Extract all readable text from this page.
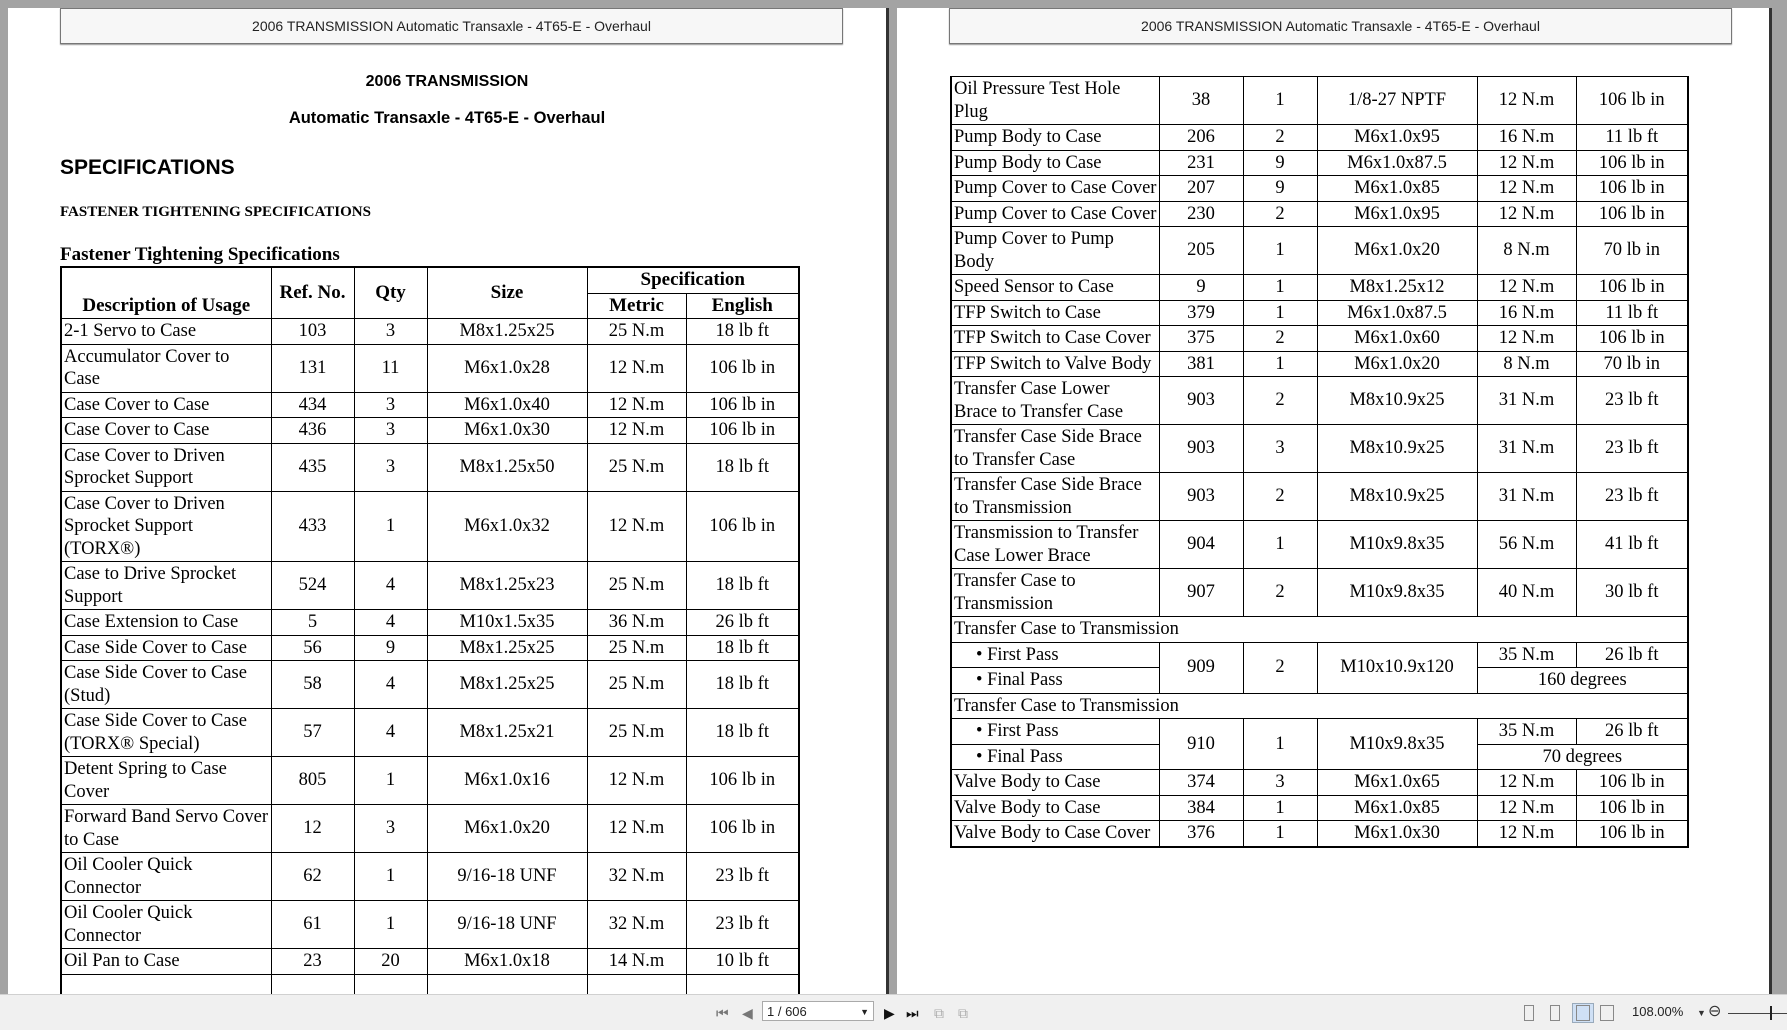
2006 TRANSMISSION Automatic Transaxle - 4T65-E - Overhaul
2006 TRANSMISSION
Automatic Transaxle - 4T65-E - Overhaul
SPECIFICATIONS
FASTENER TIGHTENING SPECIFICATIONS
Fastener Tightening Specifications
Description of Usage	Ref. No.	Qty	Size	Specification	
				Metric	English
2-1 Servo to Case	103	3	M8x1.25x25	25 N.m	18 lb ft
Accumulator Cover to Case	131	11	M6x1.0x28	12 N.m	106 lb in
Case Cover to Case	434	3	M6x1.0x40	12 N.m	106 lb in
Case Cover to Case	436	3	M6x1.0x30	12 N.m	106 lb in
Case Cover to Driven Sprocket Support	435	3	M8x1.25x50	25 N.m	18 lb ft
Case Cover to Driven Sprocket Support (TORX®)	433	1	M6x1.0x32	12 N.m	106 lb in
Case to Drive Sprocket Support	524	4	M8x1.25x23	25 N.m	18 lb ft
Case Extension to Case	5	4	M10x1.5x35	36 N.m	26 lb ft
Case Side Cover to Case	56	9	M8x1.25x25	25 N.m	18 lb ft
Case Side Cover to Case (Stud)	58	4	M8x1.25x25	25 N.m	18 lb ft
Case Side Cover to Case (TORX® Special)	57	4	M8x1.25x21	25 N.m	18 lb ft
Detent Spring to Case Cover	805	1	M6x1.0x16	12 N.m	106 lb in
Forward Band Servo Cover to Case	12	3	M6x1.0x20	12 N.m	106 lb in
Oil Cooler Quick Connector	62	1	9/16-18 UNF	32 N.m	23 lb ft
Oil Cooler Quick Connector	61	1	9/16-18 UNF	32 N.m	23 lb ft
Oil Pan to Case	23	20	M6x1.0x18	14 N.m	10 lb ft

2006 TRANSMISSION Automatic Transaxle - 4T65-E - Overhaul
Oil Pressure Test Hole Plug	38	1	1/8-27 NPTF	12 N.m	106 lb in
Pump Body to Case	206	2	M6x1.0x95	16 N.m	11 lb ft
Pump Body to Case	231	9	M6x1.0x87.5	12 N.m	106 lb in
Pump Cover to Case Cover	207	9	M6x1.0x85	12 N.m	106 lb in
Pump Cover to Case Cover	230	2	M6x1.0x95	12 N.m	106 lb in
Pump Cover to Pump Body	205	1	M6x1.0x20	8 N.m	70 lb in
Speed Sensor to Case	9	1	M8x1.25x12	12 N.m	106 lb in
TFP Switch to Case	379	1	M6x1.0x87.5	16 N.m	11 lb ft
TFP Switch to Case Cover	375	2	M6x1.0x60	12 N.m	106 lb in
TFP Switch to Valve Body	381	1	M6x1.0x20	8 N.m	70 lb in
Transfer Case Lower Brace to Transfer Case	903	2	M8x10.9x25	31 N.m	23 lb ft
Transfer Case Side Brace to Transfer Case	903	3	M8x10.9x25	31 N.m	23 lb ft
Transfer Case Side Brace to Transmission	903	2	M8x10.9x25	31 N.m	23 lb ft
Transmission to Transfer Case Lower Brace	904	1	M10x9.8x35	56 N.m	41 lb ft
Transfer Case to Transmission	907	2	M10x9.8x35	40 N.m	30 lb ft
Transfer Case to Transmission					
• First Pass	909	2	M10x10.9x120	35 N.m	26 lb ft
• Final Pass				160 degrees	
Transfer Case to Transmission					
• First Pass	910	1	M10x9.8x35	35 N.m	26 lb ft
• Final Pass				70 degrees	
Valve Body to Case	374	3	M6x1.0x65	12 N.m	106 lb in
Valve Body to Case	384	1	M6x1.0x85	12 N.m	106 lb in
Valve Body to Case Cover	376	1	M6x1.0x30	12 N.m	106 lb in
⏮ ◀	1 / 606	▼ ▶ ⏭ ⧉ ⧉	108.00% ▼ ⊖
